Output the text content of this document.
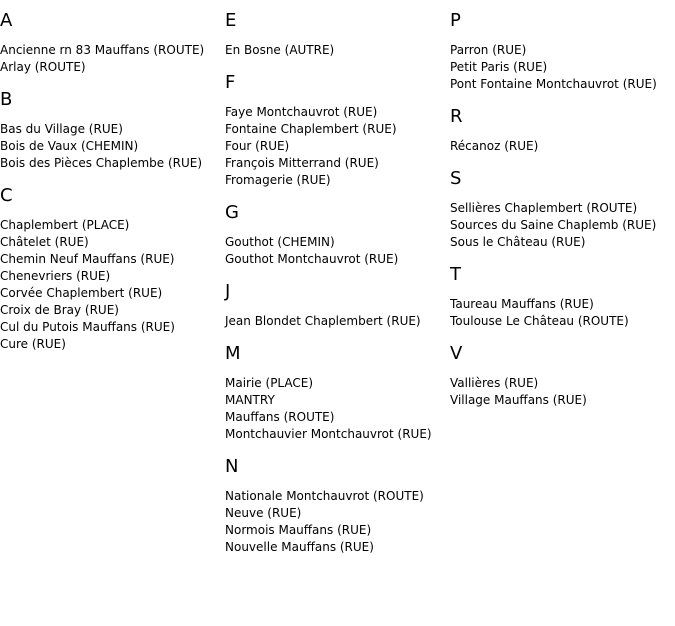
A
Ancienne rn 83 Mauffans (ROUTE)
Arlay (ROUTE)
B
Bas du Village (RUE)
Bois de Vaux (CHEMIN)
Bois des Pièces Chaplembe (RUE)
C
Chaplembert (PLACE)
Châtelet (RUE)
Chemin Neuf Mauffans (RUE)
Chenevriers (RUE)
Corvée Chaplembert (RUE)
Croix de Bray (RUE)
Cul du Putois Mauffans (RUE)
Cure (RUE)
E
En Bosne (AUTRE)
F
Faye Montchauvrot (RUE)
Fontaine Chaplembert (RUE)
Four (RUE)
François Mitterrand (RUE)
Fromagerie (RUE)
G
Gouthot (CHEMIN)
Gouthot Montchauvrot (RUE)
J
Jean Blondet Chaplembert (RUE)
M
Mairie (PLACE)
MANTRY
Mauffans (ROUTE)
Montchauvier Montchauvrot (RUE)
N
Nationale Montchauvrot (ROUTE)
Neuve (RUE)
Normois Mauffans (RUE)
Nouvelle Mauffans (RUE)
P
Parron (RUE)
Petit Paris (RUE)
Pont Fontaine Montchauvrot (RUE)
R
Récanoz (RUE)
S
Sellières Chaplembert (ROUTE)
Sources du Saine Chaplemb (RUE)
Sous le Château (RUE)
T
Taureau Mauffans (RUE)
Toulouse Le Château (ROUTE)
V
Vallières (RUE)
Village Mauffans (RUE)
